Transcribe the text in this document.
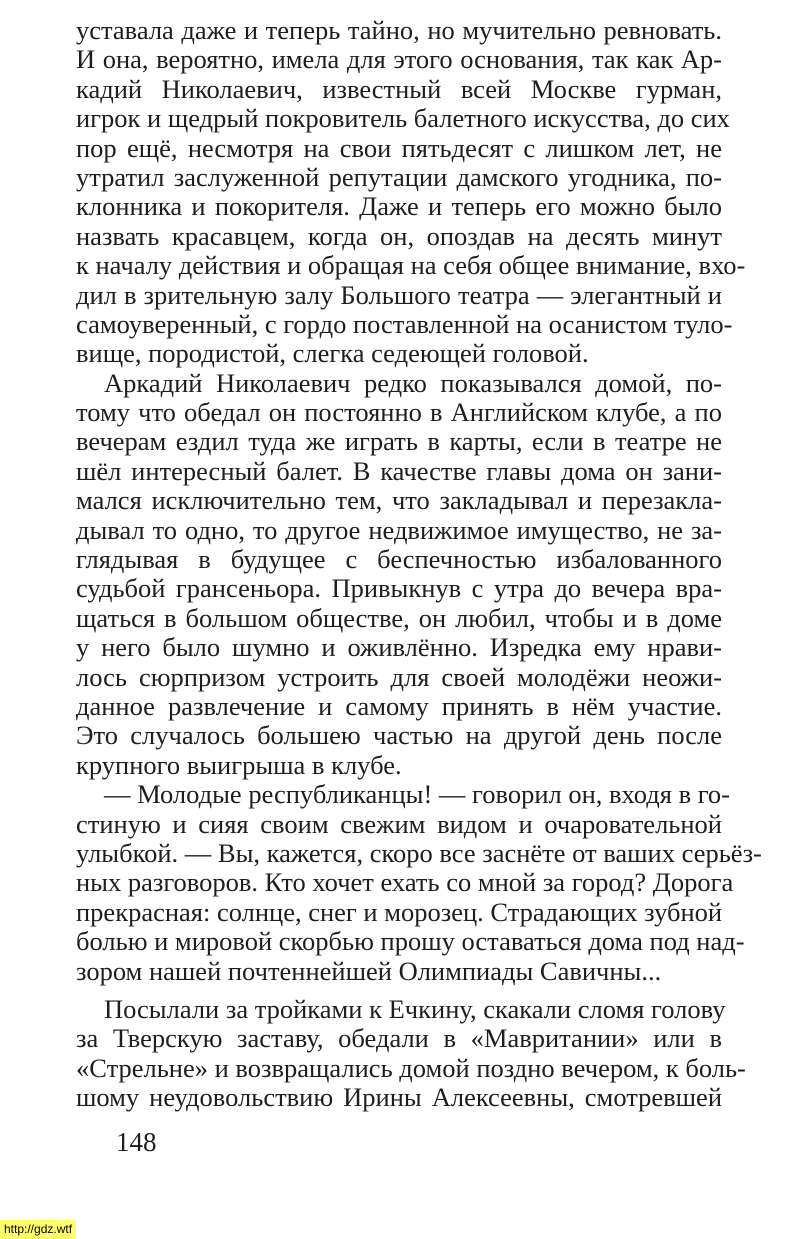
уставала даже и теперь тайно, но мучительно ревновать.
И она, вероятно, имела для этого основания, так как Ар-
кадий Николаевич, известный всей Москве гурман,
игрок и щедрый покровитель балетного искусства, до сих
пор ещё, несмотря на свои пятьдесят с лишком лет, не
утратил заслуженной репутации дамского угодника, по-
клонника и покорителя. Даже и теперь его можно было
назвать красавцем, когда он, опоздав на десять минут
к началу действия и обращая на себя общее внимание, вхо-
дил в зрительную залу Большого театра — элегантный и
самоуверенный, с гордо поставленной на осанистом туло-
вище, породистой, слегка седеющей головой.
Аркадий Николаевич редко показывался домой, по-
тому что обедал он постоянно в Английском клубе, а по
вечерам ездил туда же играть в карты, если в театре не
шёл интересный балет. В качестве главы дома он зани-
мался исключительно тем, что закладывал и перезакла-
дывал то одно, то другое недвижимое имущество, не за-
глядывая в будущее с беспечностью избалованного
судьбой грансеньора. Привыкнув с утра до вечера вра-
щаться в большом обществе, он любил, чтобы и в доме
у него было шумно и оживлённо. Изредка ему нрави-
лось сюрпризом устроить для своей молодёжи неожи-
данное развлечение и самому принять в нём участие.
Это случалось большею частью на другой день после
крупного выигрыша в клубе.
— Молодые республиканцы! — говорил он, входя в го-
стиную и сияя своим свежим видом и очаровательной
улыбкой. — Вы, кажется, скоро все заснёте от ваших серьёз-
ных разговоров. Кто хочет ехать со мной за город? Дорога
прекрасная: солнце, снег и морозец. Страдающих зубной
болью и мировой скорбью прошу оставаться дома под над-
зором нашей почтеннейшей Олимпиады Савичны...
Посылали за тройками к Ечкину, скакали сломя голову
за Тверскую заставу, обедали в «Мавритании» или в
«Стрельне» и возвращались домой поздно вечером, к боль-
шому неудовольствию Ирины Алексеевны, смотревшей
148
http://gdz.wtf
